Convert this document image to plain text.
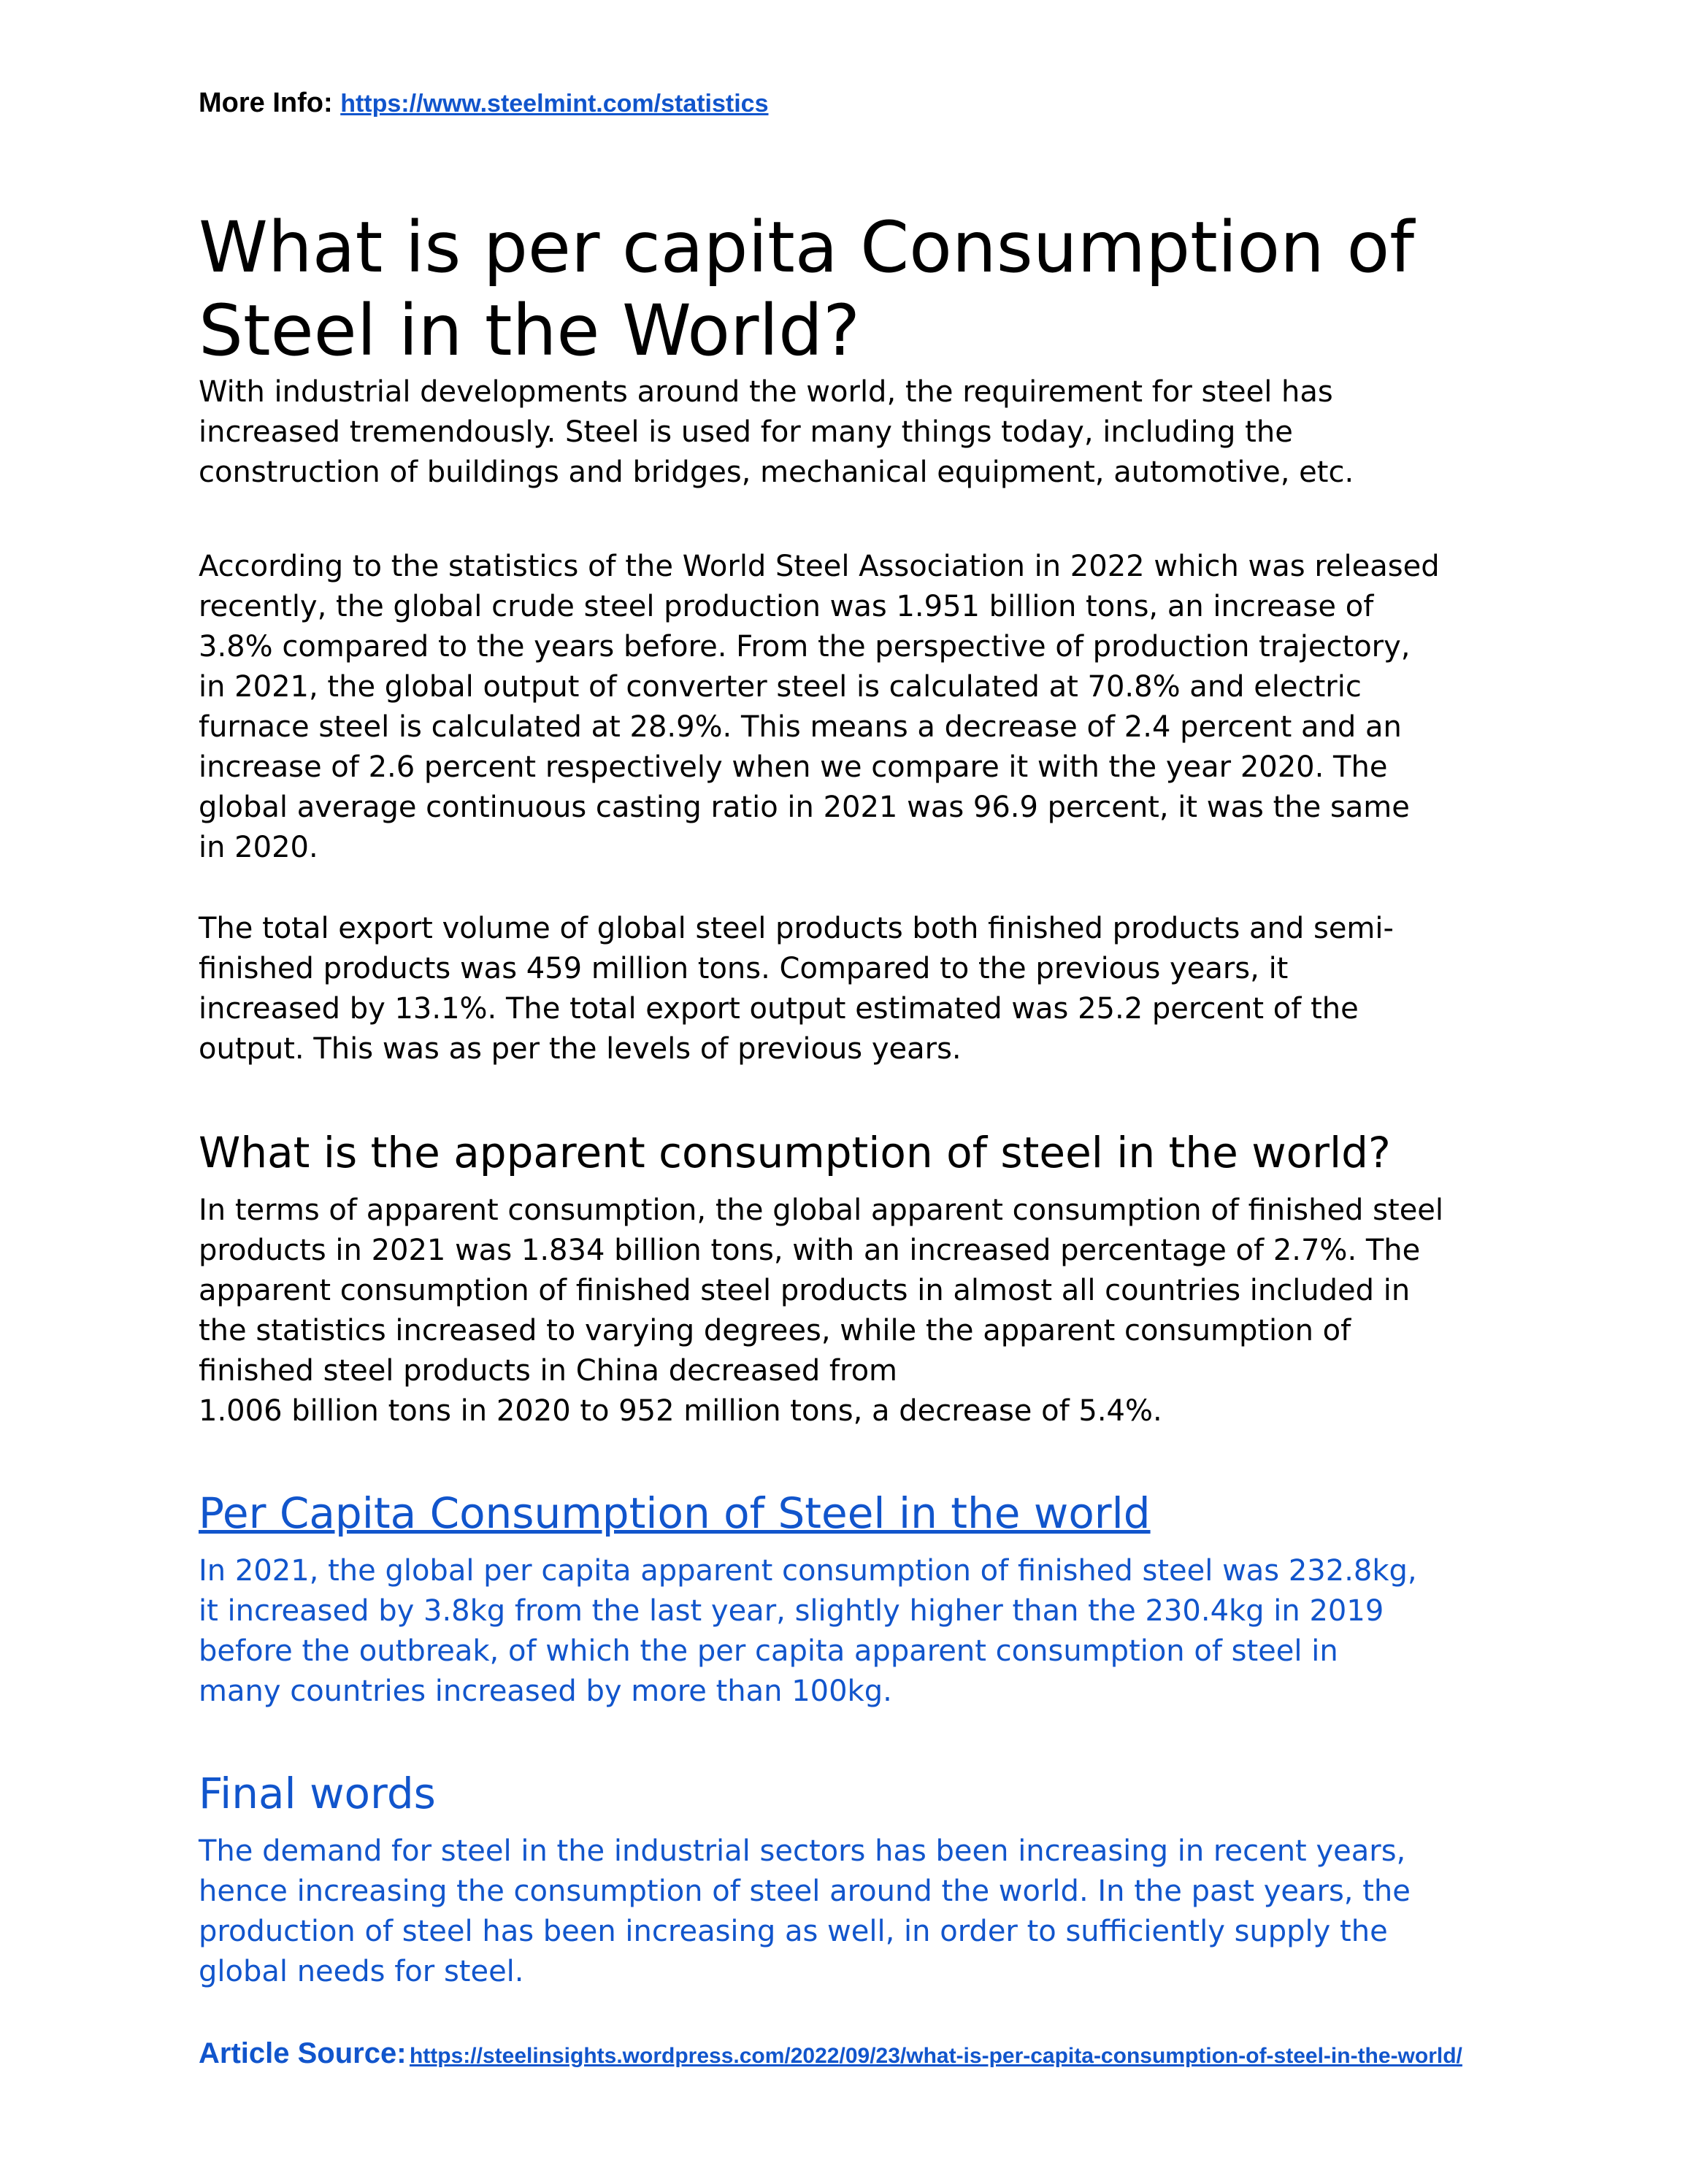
More Info: https://www.steelmint.com/statistics
What is per capita Consumption of Steel in the World?

With industrial developments around the world, the requirement for steel has
increased tremendously. Steel is used for many things today, including the
construction of buildings and bridges, mechanical equipment, automotive, etc.

According to the statistics of the World Steel Association in 2022 which was released
recently, the global crude steel production was 1.951 billion tons, an increase of
3.8% compared to the years before. From the perspective of production trajectory,
in 2021, the global output of converter steel is calculated at 70.8% and electric
furnace steel is calculated at 28.9%. This means a decrease of 2.4 percent and an
increase of 2.6 percent respectively when we compare it with the year 2020. The
global average continuous casting ratio in 2021 was 96.9 percent, it was the same
in 2020.

The total export volume of global steel products both finished products and semi-
finished products was 459 million tons. Compared to the previous years, it
increased by 13.1%. The total export output estimated was 25.2 percent of the
output. This was as per the levels of previous years.

What is the apparent consumption of steel in the world?

In terms of apparent consumption, the global apparent consumption of finished steel
products in 2021 was 1.834 billion tons, with an increased percentage of 2.7%. The
apparent consumption of finished steel products in almost all countries included in
the statistics increased to varying degrees, while the apparent consumption of
finished steel products in China decreased from
1.006 billion tons in 2020 to 952 million tons, a decrease of 5.4%.

Per Capita Consumption of Steel in the world

In 2021, the global per capita apparent consumption of finished steel was 232.8kg,
it increased by 3.8kg from the last year, slightly higher than the 230.4kg in 2019
before the outbreak, of which the per capita apparent consumption of steel in
many countries increased by more than 100kg.

Final words

The demand for steel in the industrial sectors has been increasing in recent years,
hence increasing the consumption of steel around the world. In the past years, the
production of steel has been increasing as well, in order to sufficiently supply the
global needs for steel.

Article Source: https://steelinsights.wordpress.com/2022/09/23/what-is-per-capita-consumption-of-steel-in-the-world/
